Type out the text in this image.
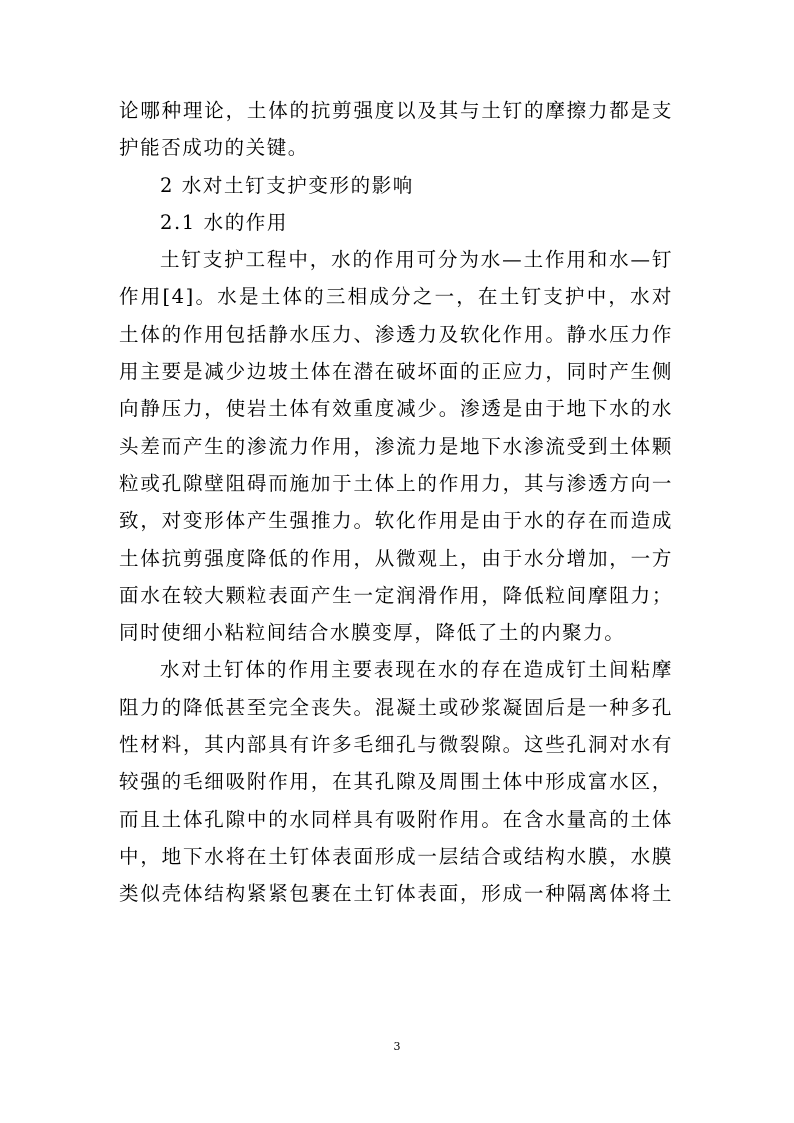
论哪种理论，土体的抗剪强度以及其与土钉的摩擦力都是支
护能否成功的关键。
2 水对土钉支护变形的影响
2.1 水的作用
土钉支护工程中，水的作用可分为水—土作用和水—钉
作用[4]。水是土体的三相成分之一，在土钉支护中，水对
土体的作用包括静水压力、渗透力及软化作用。静水压力作
用主要是减少边坡土体在潜在破坏面的正应力，同时产生侧
向静压力，使岩土体有效重度减少。渗透是由于地下水的水
头差而产生的渗流力作用，渗流力是地下水渗流受到土体颗
粒或孔隙壁阻碍而施加于土体上的作用力，其与渗透方向一
致，对变形体产生强推力。软化作用是由于水的存在而造成
土体抗剪强度降低的作用，从微观上，由于水分增加，一方
面水在较大颗粒表面产生一定润滑作用，降低粒间摩阻力；
同时使细小粘粒间结合水膜变厚，降低了土的内聚力。
水对土钉体的作用主要表现在水的存在造成钉土间粘摩
阻力的降低甚至完全丧失。混凝土或砂浆凝固后是一种多孔
性材料，其内部具有许多毛细孔与微裂隙。这些孔洞对水有
较强的毛细吸附作用，在其孔隙及周围土体中形成富水区，
而且土体孔隙中的水同样具有吸附作用。在含水量高的土体
中，地下水将在土钉体表面形成一层结合或结构水膜，水膜
类似壳体结构紧紧包裹在土钉体表面，形成一种隔离体将土
3
